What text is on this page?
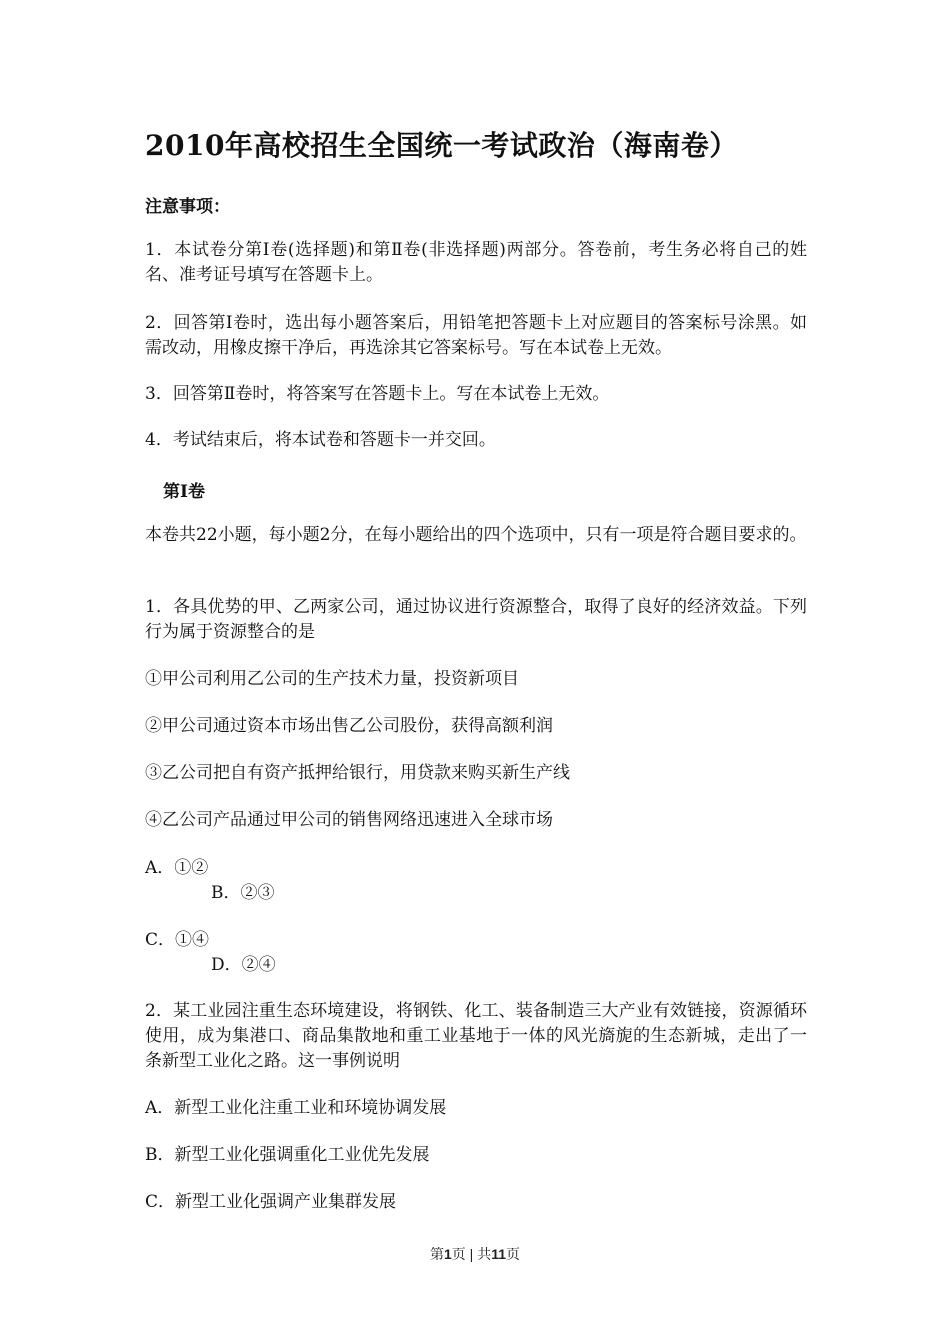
2010年高校招生全国统一考试政治（海南卷）
注意事项：

1．本试卷分第Ⅰ卷(选择题)和第Ⅱ卷(非选择题)两部分。答卷前，考生务必将自己的姓名、准考证号填写在答题卡上。

2．回答第Ⅰ卷时，选出每小题答案后，用铅笔把答题卡上对应题目的答案标号涂黑。如需改动，用橡皮擦干净后，再选涂其它答案标号。写在本试卷上无效。

3．回答第Ⅱ卷时，将答案写在答题卡上。写在本试卷上无效。

4．考试结束后，将本试卷和答题卡一并交回。

第Ⅰ卷

本卷共22小题，每小题2分，在每小题给出的四个选项中，只有一项是符合题目要求的。

1．各具优势的甲、乙两家公司，通过协议进行资源整合，取得了良好的经济效益。下列行为属于资源整合的是

①甲公司利用乙公司的生产技术力量，投资新项目
②甲公司通过资本市场出售乙公司股份，获得高额利润
③乙公司把自有资产抵押给银行，用贷款来购买新生产线
④乙公司产品通过甲公司的销售网络迅速进入全球市场
A．①②
B．②③
C．①④
D．②④

2．某工业园注重生态环境建设，将钢铁、化工、装备制造三大产业有效链接，资源循环使用，成为集港口、商品集散地和重工业基地于一体的风光旖旎的生态新城，走出了一条新型工业化之路。这一事例说明

A．新型工业化注重工业和环境协调发展
B．新型工业化强调重化工业优先发展
C．新型工业化强调产业集群发展
第1页 | 共11页
